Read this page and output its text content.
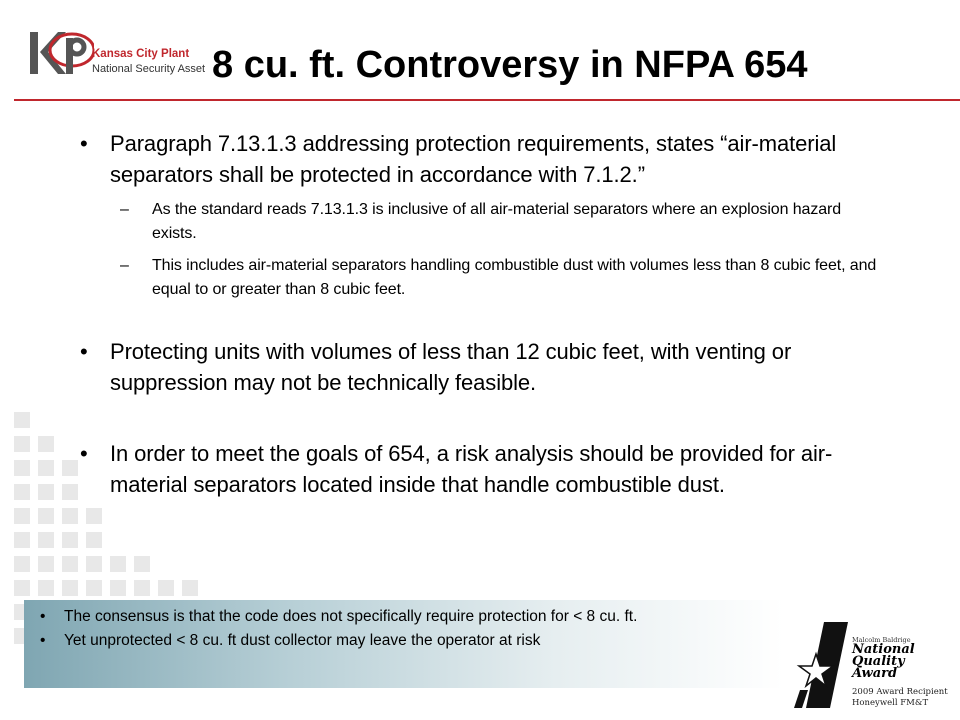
Kansas City Plant
National Security Asset 8 cu. ft. Controversy in NFPA 654
• Paragraph 7.13.1.3 addressing protection requirements, states “air-material separators shall be protected in accordance with 7.1.2.”
– As the standard reads 7.13.1.3 is inclusive of all air-material separators where an explosion hazard exists.
– This includes air-material separators handling combustible dust with volumes less than 8 cubic feet, and equal to or greater than 8 cubic feet.
• Protecting units with volumes of less than 12 cubic feet, with venting or suppression may not be technically feasible.
• In order to meet the goals of 654, a risk analysis should be provided for air-material separators located inside that handle combustible dust.
• The consensus is that the code does not specifically require protection for < 8 cu. ft.
• Yet unprotected < 8 cu. ft dust collector may leave the operator at risk	Malcolm Baldrige
National Quality Award
2009 Award Recipient
Honeywell FM&T
